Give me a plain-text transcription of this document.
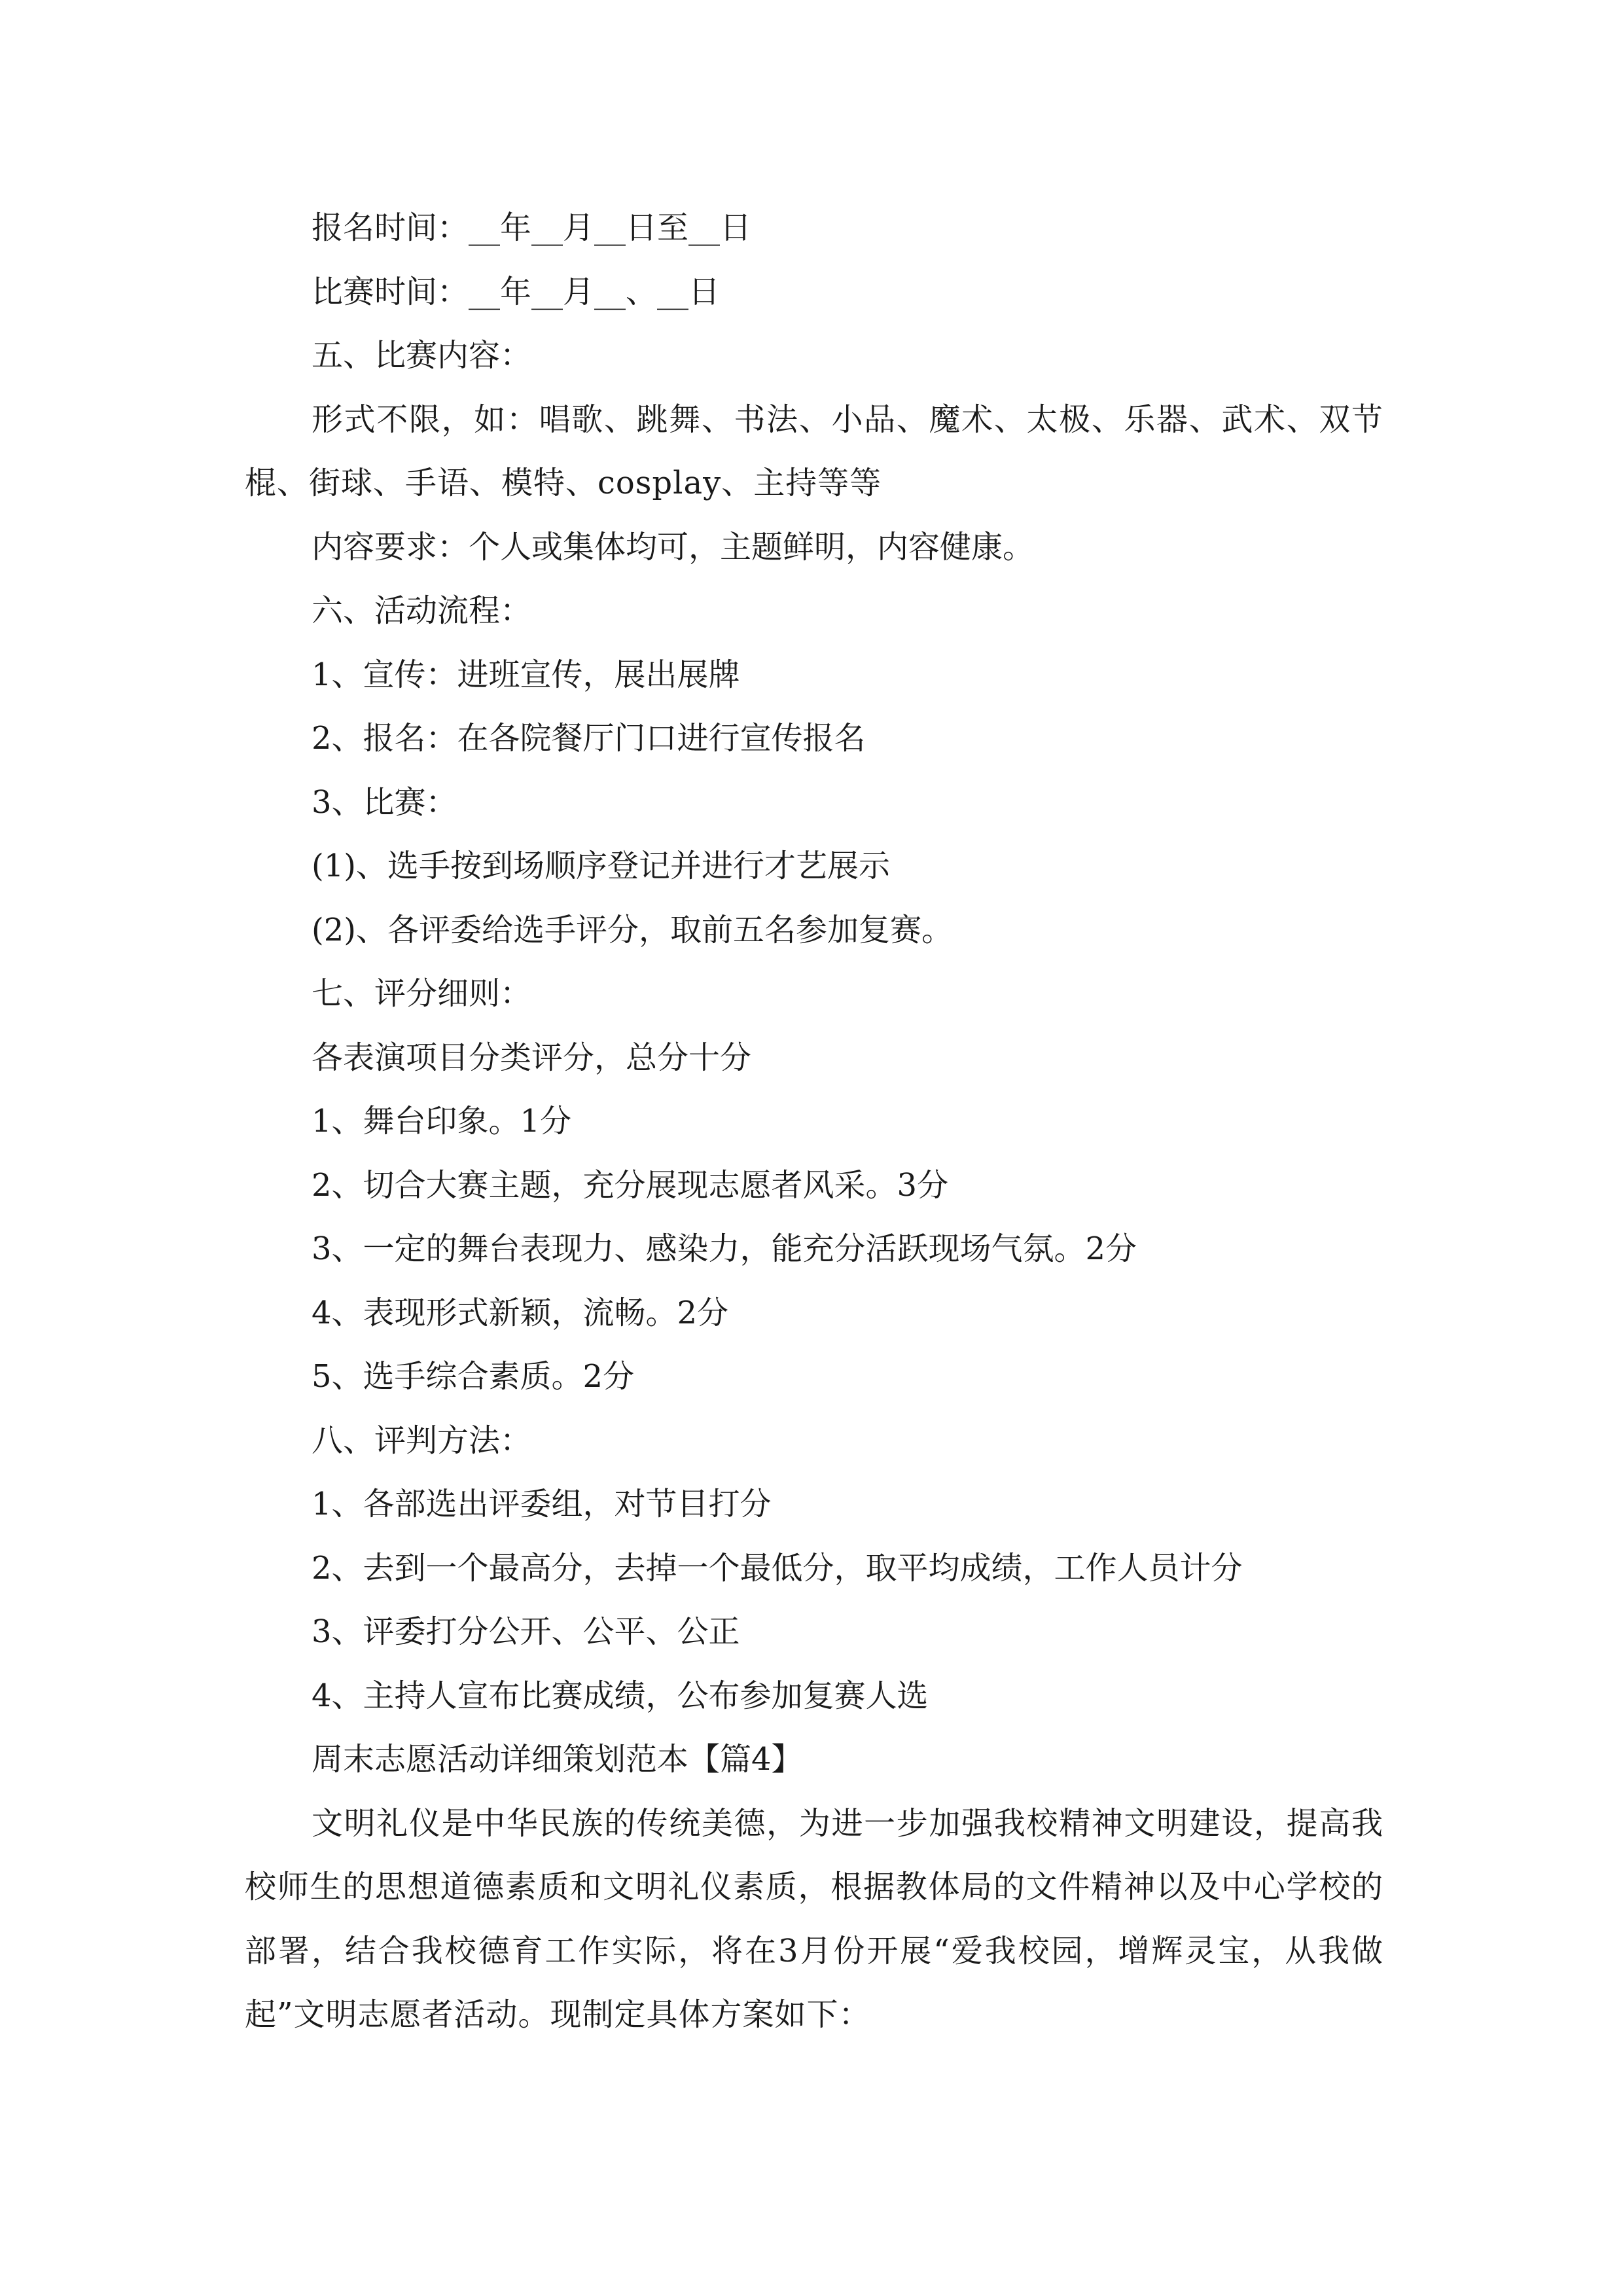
报名时间：__年__月__日至__日
比赛时间：__年__月__、__日
五、比赛内容：

形式不限，如：唱歌、跳舞、书法、小品、魔术、太极、乐器、武术、双节棍、街球、手语、模特、cosplay、主持等等

内容要求：个人或集体均可，主题鲜明，内容健康。
六、活动流程：
1、宣传：进班宣传，展出展牌
2、报名：在各院餐厅门口进行宣传报名
3、比赛：
(1)、选手按到场顺序登记并进行才艺展示
(2)、各评委给选手评分，取前五名参加复赛。
七、评分细则：
各表演项目分类评分，总分十分
1、舞台印象。1分
2、切合大赛主题，充分展现志愿者风采。3分
3、一定的舞台表现力、感染力，能充分活跃现场气氛。2分
4、表现形式新颖，流畅。2分
5、选手综合素质。2分
八、评判方法：
1、各部选出评委组，对节目打分
2、去到一个最高分，去掉一个最低分，取平均成绩，工作人员计分
3、评委打分公开、公平、公正
4、主持人宣布比赛成绩，公布参加复赛人选
周末志愿活动详细策划范本【篇4】

文明礼仪是中华民族的传统美德，为进一步加强我校精神文明建设，提高我校师生的思想道德素质和文明礼仪素质，根据教体局的文件精神以及中心学校的部署，结合我校德育工作实际，将在3月份开展“爱我校园，增辉灵宝，从我做起”文明志愿者活动。现制定具体方案如下：
